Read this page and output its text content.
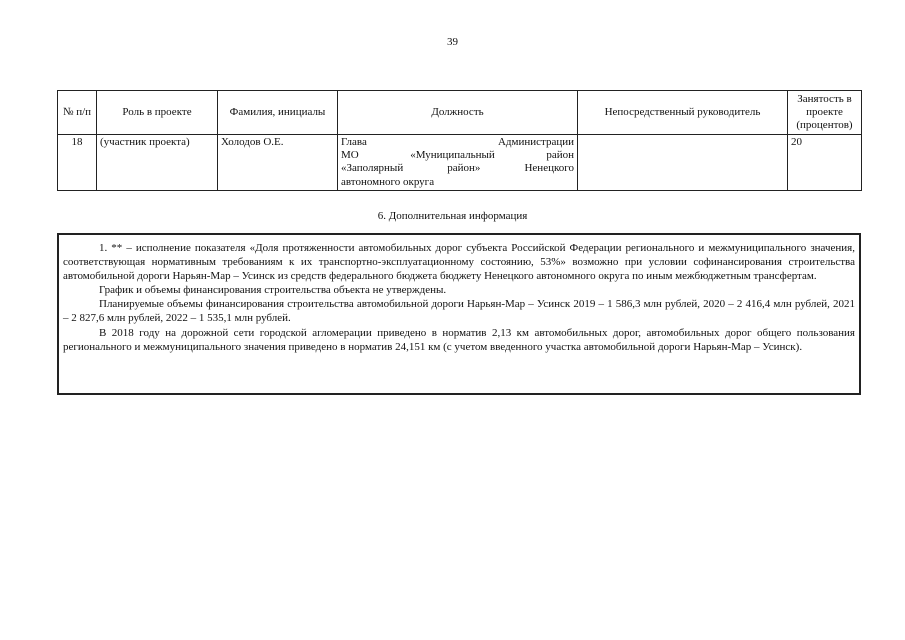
39
№ п/п	Роль в проекте	Фамилия, инициалы	Должность	Непосредственный руководитель	Занятость в проекте (процентов)
18	(участник проекта)	Холодов О.Е.	Глава Администрации
МО «Муниципальный район
«Заполярный район» Ненецкого
автономного округа		20
6. Дополнительная информация

1. ** – исполнение показателя «Доля протяженности автомобильных дорог субъекта Российской Федерации регионального и межмуниципального значения, соответствующая нормативным требованиям к их транспортно-эксплуатационному состоянию, 53%» возможно при условии софинансирования строительства автомобильной дороги Нарьян-Мар – Усинск из средств федерального бюджета бюджету Ненецкого автономного округа по иным межбюджетным трансфертам.

График и объемы финансирования строительства объекта не утверждены.

Планируемые объемы финансирования строительства автомобильной дороги Нарьян-Мар – Усинск 2019 – 1 586,3 млн рублей, 2020 – 2 416,4 млн рублей, 2021 – 2 827,6 млн рублей, 2022 – 1 535,1 млн рублей.

В 2018 году на дорожной сети городской агломерации приведено в норматив 2,13 км автомобильных дорог, автомобильных дорог общего пользования регионального и межмуниципального значения приведено в норматив 24,151 км (с учетом введенного участка автомобильной дороги Нарьян-Мар – Усинск).
